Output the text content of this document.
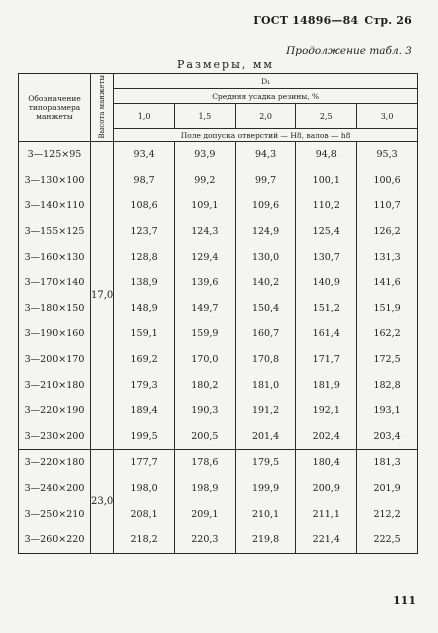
ГОСТ 14896—84 Стр. 26
Продолжение табл. 3
Размеры, мм
Обозначение типоразмера манжеты	Высота манжеты	D₁				
		Средняя усадка резины, %				
		1,0	1,5	2,0	2,5	3,0
		Поле допуска отверстий — Н8, валов — h8				
3—125×95	17,0	93,4	93,9	94,3	94,8	95,3
3—130×100		98,7	99,2	99,7	100,1	100,6
3—140×110		108,6	109,1	109,6	110,2	110,7
3—155×125		123,7	124,3	124,9	125,4	126,2
3—160×130		128,8	129,4	130,0	130,7	131,3
3—170×140		138,9	139,6	140,2	140,9	141,6
3—180×150		148,9	149,7	150,4	151,2	151,9
3—190×160		159,1	159,9	160,7	161,4	162,2
3—200×170		169,2	170,0	170,8	171,7	172,5
3—210×180		179,3	180,2	181,0	181,9	182,8
3—220×190		189,4	190,3	191,2	192,1	193,1
3—230×200		199,5	200,5	201,4	202,4	203,4
3—220×180	23,0	177,7	178,6	179,5	180,4	181,3
3—240×200		198,0	198,9	199,9	200,9	201,9
3—250×210		208,1	209,1	210,1	211,1	212,2
3—260×220		218,2	220,3	219,8	221,4	222,5
111
